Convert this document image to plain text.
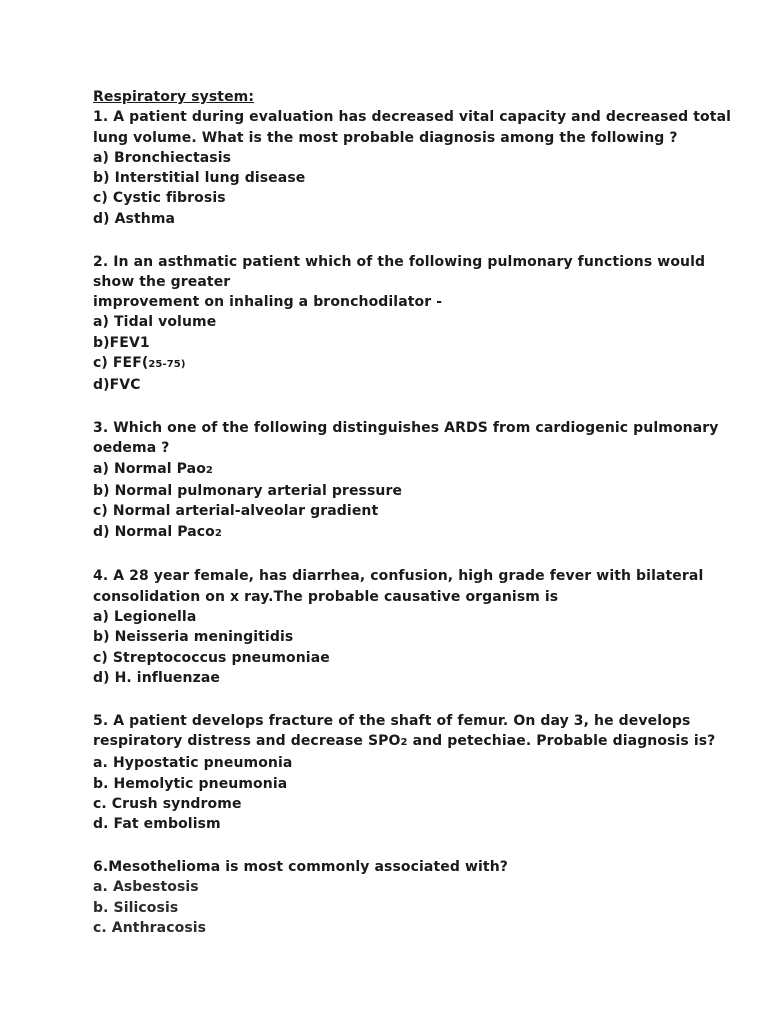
Respiratory system:
1. A patient during evaluation has decreased vital capacity and decreased total
lung volume. What is the most probable diagnosis among the following ?
a) Bronchiectasis
b) Interstitial lung disease
c) Cystic fibrosis
d) Asthma
2. In an asthmatic patient which of the following pulmonary functions would
show the greater
improvement on inhaling a bronchodilator -
a) Tidal volume
b)FEV1
c) FEF(25-75)
d)FVC
3. Which one of the following distinguishes ARDS from cardiogenic pulmonary
oedema ?
a) Normal Pao2
b) Normal pulmonary arterial pressure
c) Normal arterial-alveolar gradient
d) Normal Paco2
4. A 28 year female, has diarrhea, confusion, high grade fever with bilateral
consolidation on x ray.The probable causative organism is
a) Legionella
b) Neisseria meningitidis
c) Streptococcus pneumoniae
d) H. influenzae
5. A patient develops fracture of the shaft of femur. On day 3, he develops
respiratory distress and decrease SPO2 and petechiae. Probable diagnosis is?
a. Hypostatic pneumonia
b. Hemolytic pneumonia
c. Crush syndrome
d. Fat embolism
6.Mesothelioma is most commonly associated with?
a. Asbestosis
b. Silicosis
c. Anthracosis
